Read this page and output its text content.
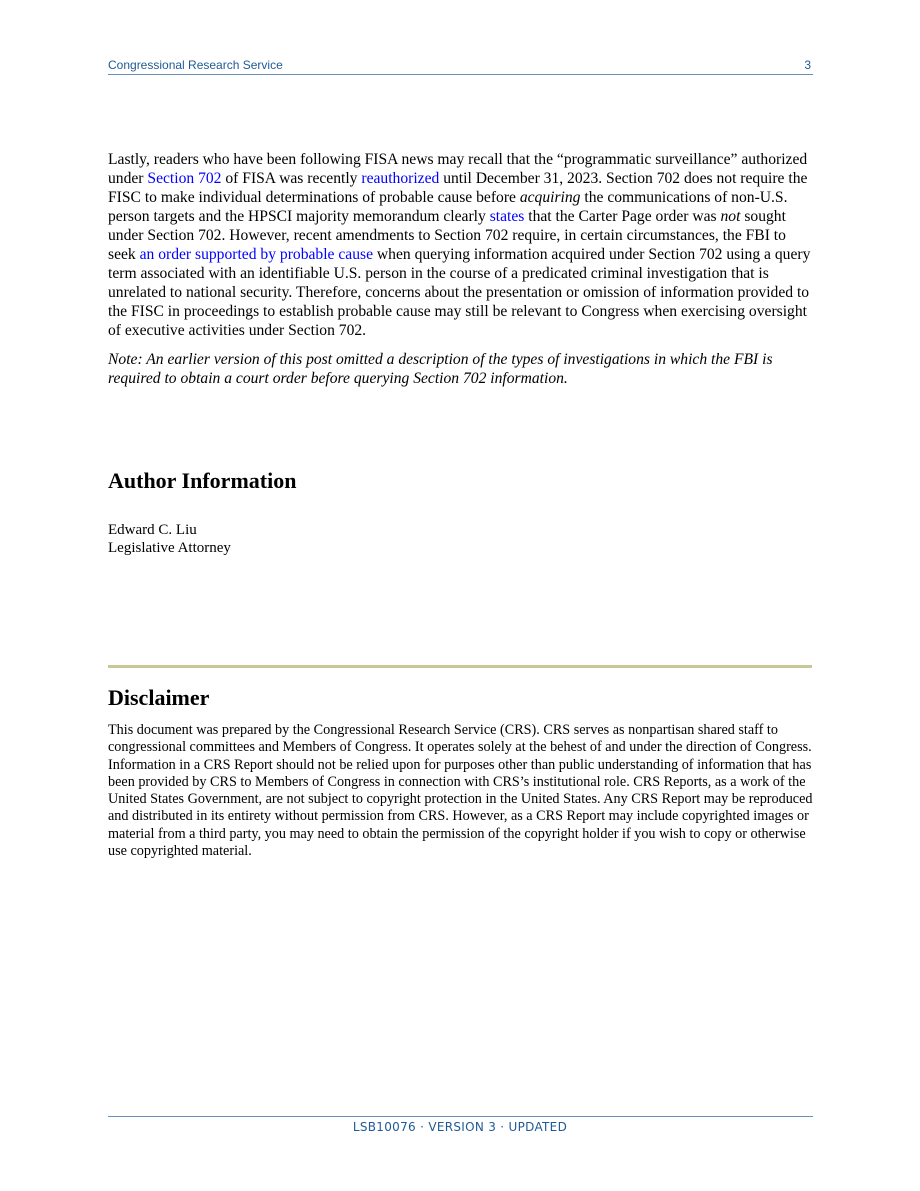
Congressional Research Service	3

Lastly, readers who have been following FISA news may recall that the “programmatic surveillance” authorized under Section 702 of FISA was recently reauthorized until December 31, 2023. Section 702 does not require the FISC to make individual determinations of probable cause before acquiring the communications of non-U.S. person targets and the HPSCI majority memorandum clearly states that the Carter Page order was not sought under Section 702. However, recent amendments to Section 702 require, in certain circumstances, the FBI to seek an order supported by probable cause when querying information acquired under Section 702 using a query term associated with an identifiable U.S. person in the course of a predicated criminal investigation that is unrelated to national security. Therefore, concerns about the presentation or omission of information provided to the FISC in proceedings to establish probable cause may still be relevant to Congress when exercising oversight of executive activities under Section 702.

Note: An earlier version of this post omitted a description of the types of investigations in which the FBI is required to obtain a court order before querying Section 702 information.

Author Information
Edward C. Liu
Legislative Attorney
Disclaimer

This document was prepared by the Congressional Research Service (CRS). CRS serves as nonpartisan shared staff to congressional committees and Members of Congress. It operates solely at the behest of and under the direction of Congress. Information in a CRS Report should not be relied upon for purposes other than public understanding of information that has been provided by CRS to Members of Congress in connection with CRS’s institutional role. CRS Reports, as a work of the United States Government, are not subject to copyright protection in the United States. Any CRS Report may be reproduced and distributed in its entirety without permission from CRS. However, as a CRS Report may include copyrighted images or material from a third party, you may need to obtain the permission of the copyright holder if you wish to copy or otherwise use copyrighted material.

LSB10076 · VERSION 3 · UPDATED
